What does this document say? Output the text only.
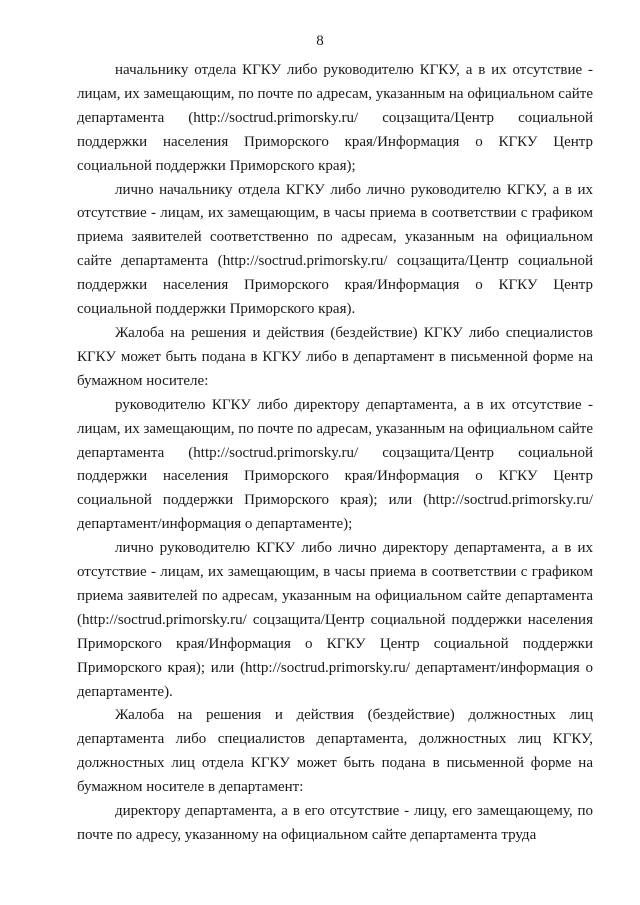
8

начальнику отдела КГКУ либо руководителю КГКУ, а в их отсутствие - лицам, их замещающим, по почте по адресам, указанным на официальном сайте департамента (http://soctrud.primorsky.ru/ соцзащита/Центр социальной поддержки населения Приморского края/Информация о КГКУ Центр социальной поддержки Приморского края);

лично начальнику отдела КГКУ либо лично руководителю КГКУ, а в их отсутствие - лицам, их замещающим, в часы приема в соответствии с графиком приема заявителей соответственно по адресам, указанным на официальном сайте департамента (http://soctrud.primorsky.ru/ соцзащита/Центр социальной поддержки населения Приморского края/Информация о КГКУ Центр социальной поддержки Приморского края).

Жалоба на решения и действия (бездействие) КГКУ либо специалистов КГКУ может быть подана в КГКУ либо в департамент в письменной форме на бумажном носителе:

руководителю КГКУ либо директору департамента, а в их отсутствие - лицам, их замещающим, по почте по адресам, указанным на официальном сайте департамента (http://soctrud.primorsky.ru/ соцзащита/Центр социальной поддержки населения Приморского края/Информация о КГКУ Центр социальной поддержки Приморского края); или (http://soctrud.primorsky.ru/ департамент/информация о департаменте);

лично руководителю КГКУ либо лично директору департамента, а в их отсутствие - лицам, их замещающим, в часы приема в соответствии с графиком приема заявителей по адресам, указанным на официальном сайте департамента (http://soctrud.primorsky.ru/ соцзащита/Центр социальной поддержки населения Приморского края/Информация о КГКУ Центр социальной поддержки Приморского края); или (http://soctrud.primorsky.ru/ департамент/информация о департаменте).

Жалоба на решения и действия (бездействие) должностных лиц департамента либо специалистов департамента, должностных лиц КГКУ, должностных лиц отдела КГКУ может быть подана в письменной форме на бумажном носителе в департамент:

директору департамента, а в его отсутствие - лицу, его замещающему, по почте по адресу, указанному на официальном сайте департамента труда
